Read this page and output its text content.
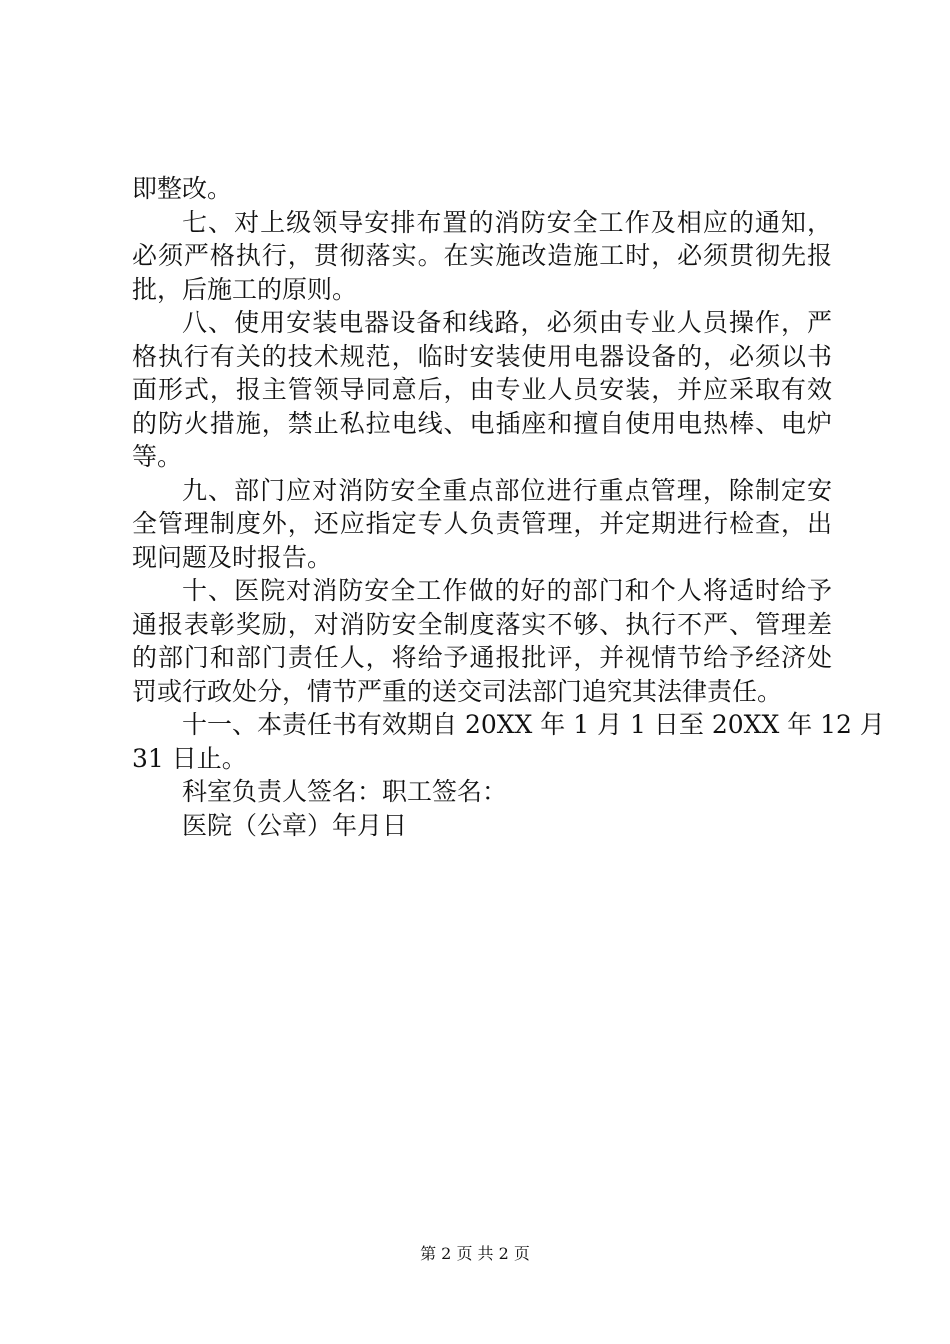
即整改。
七、对上级领导安排布置的消防安全工作及相应的通知，
必须严格执行，贯彻落实。在实施改造施工时，必须贯彻先报
批，后施工的原则。
八、使用安装电器设备和线路，必须由专业人员操作，严
格执行有关的技术规范，临时安装使用电器设备的，必须以书
面形式，报主管领导同意后，由专业人员安装，并应采取有效
的防火措施，禁止私拉电线、电插座和擅自使用电热棒、电炉
等。
九、部门应对消防安全重点部位进行重点管理，除制定安
全管理制度外，还应指定专人负责管理，并定期进行检查，出
现问题及时报告。
十、医院对消防安全工作做的好的部门和个人将适时给予
通报表彰奖励，对消防安全制度落实不够、执行不严、管理差
的部门和部门责任人，将给予通报批评，并视情节给予经济处
罚或行政处分，情节严重的送交司法部门追究其法律责任。
十一、本责任书有效期自 20XX 年 1 月 1 日至 20XX 年 12 月
31 日止。
科室负责人签名：职工签名：
医院（公章）年月日
第 2 页 共 2 页
